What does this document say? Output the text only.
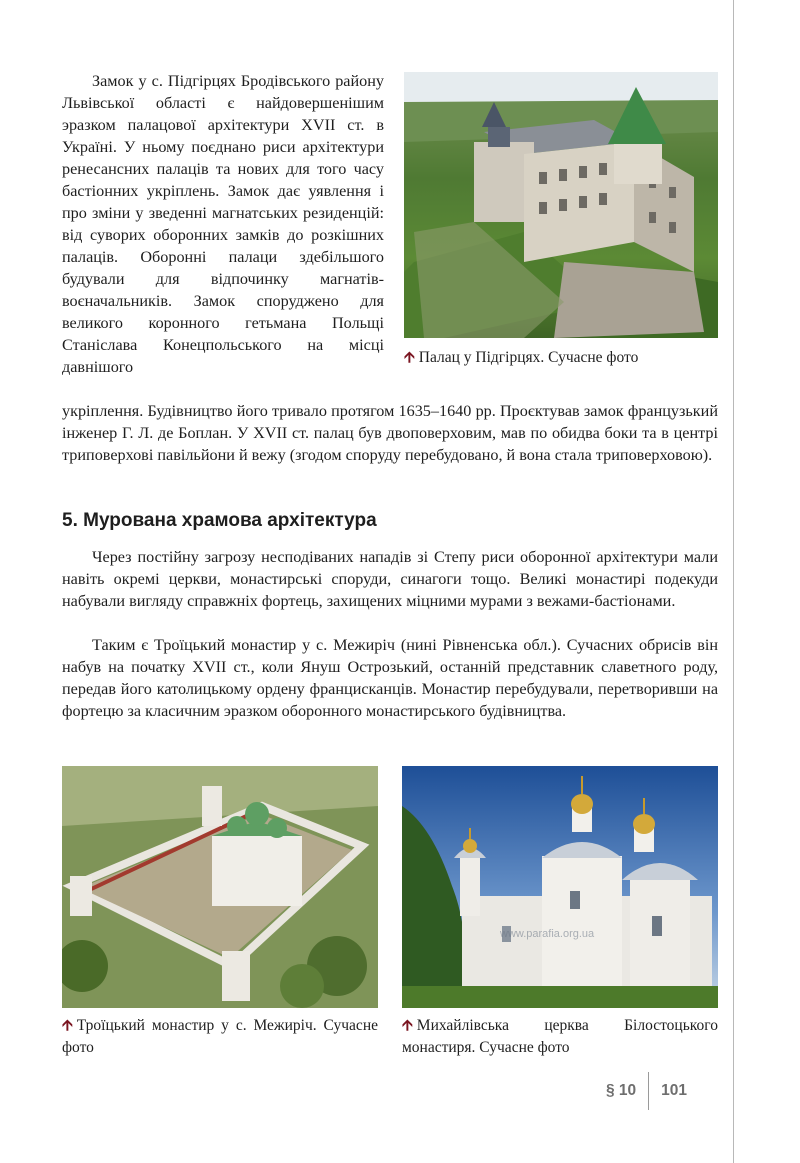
Замок у с. Підгірцях Бродівського району Львівської області є найдовершенішим эразком палацової архітектури XVII ст. в Україні. У ньому поєднано риси архітектури ренесансних палаців та нових для того часу бастіонних укріплень. Замок дає уявлення і про зміни у зведенні магнатських резиденцій: від суворих оборонних замків до розкішних палаців. Оборонні палаци здебільшого будували для відпочинку магнатів-воєначальників. Замок споруджено для великого коронного гетьмана Польщі Станіслава Конецпольського на місці давнішого

🡩 Палац у Підгірцях. Сучасне фото

укріплення. Будівництво його тривало протягом 1635–1640 рр. Проєктував замок французький інженер Г. Л. де Боплан. У XVII ст. палац був двоповерховим, мав по обидва боки та в центрі триповерхові павільйони й вежу (згодом споруду перебудовано, й вона стала триповерховою).

5. Мурована храмова архітектура

Через постійну загрозу несподіваних нападів зі Степу риси оборонної архітектури мали навіть окремі церкви, монастирські споруди, синагоги тощо. Великі монастирі подекуди набували вигляду справжніх фортець, захищених міцними мурами з вежами-бастіонами.

Таким є Троїцький монастир у с. Межиріч (нині Рівненська обл.). Сучасних обрисів він набув на початку XVII ст., коли Януш Острозький, останній представник славетного роду, передав його католицькому ордену францисканців. Монастир перебудували, перетворивши на фортецю за класичним эразком оборонного монастирського будівництва.

🡩 Троїцький монастир у с. Межиріч. Сучасне фото
www.parafia.org.ua
🡩 Михайлівська церква Білостоцького монастиря. Сучасне фото
§ 10 101
